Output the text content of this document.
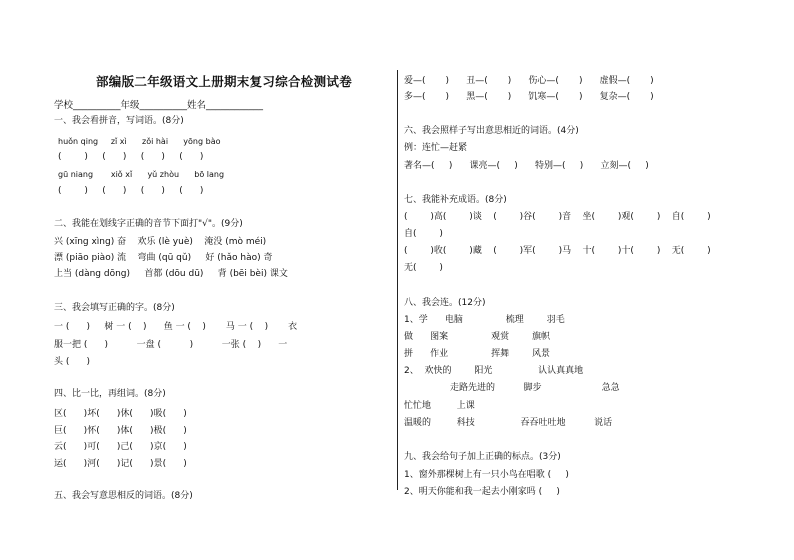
部编版二年级语文上册期末复习综合检测试卷
学校__________年级__________姓名____________
一、我会看拼音，写词语。(8分)
huǒn qing     zǐ xì      zǒi hài      yōng bào
(        )     (      )     (      )     (      )
gū niang       xiǒ xǐ      yǔ zhòu      bō lang
(        )     (      )     (      )     (      )
二、我能在划线字正确的音节下面打"√"。(9分)
兴 (xīng xìng) 奋    欢乐 (lè yuè)    淹没 (mò méi)
漂 (piāo piào) 流    弯曲 (qū qǔ)     好 (hǎo hào) 奇
上当 (dàng dōng)     首都 (dōu dū)     背 (bēi bèi) 课文
三、我会填写正确的字。(8分)
一 (      )     树 一 (    )      鱼 一 (    )       马 一 (    )       衣
服一把 (      )          一盘 (          )          一张 (    )      一
头 (      )
四、比一比，再组词。(8分)
区(      )坏(      )休(      )吸(      )
巨(      )怀(      )体(      )极(      )
云(      )可(      )己(      )京(      )
运(      )河(      )记(      )景(      )
五、我会写意思相反的词语。(8分)
爱—(       )      丑—(       )      伤心—(       )      虚假—(       )
多—(       )      黑—(       )      饥寒—(       )      复杂—(       )
六、我会照样子写出意思相近的词语。(4分)
例：连忙—赶紧
著名—(     )      课亮—(     )      特别—(     )      立刻—(     )
七、我能补充成语。(8分)
(        )高(        )谈    (        )谷(        )音    坐(        )观(        )    自(        )
自(        )
(        )收(        )藏    (        )军(        )马    十(        )十(        )    无(        )
无(        )
八、我会连。(12分)
1、学      电脑               梳理        羽毛
做      图案               观赏        旗帜
拼      作业               挥舞        风景
2、  欢快的        阳光                认认真真地
走路先进的          脚步                     急急
忙忙地         上课
温暖的         科技                吞吞吐吐地          说话
九、我会给句子加上正确的标点。(3分)
1、窗外那棵树上有一只小鸟在唱歌 (     )
2、明天你能和我一起去小刚家吗 (     )
